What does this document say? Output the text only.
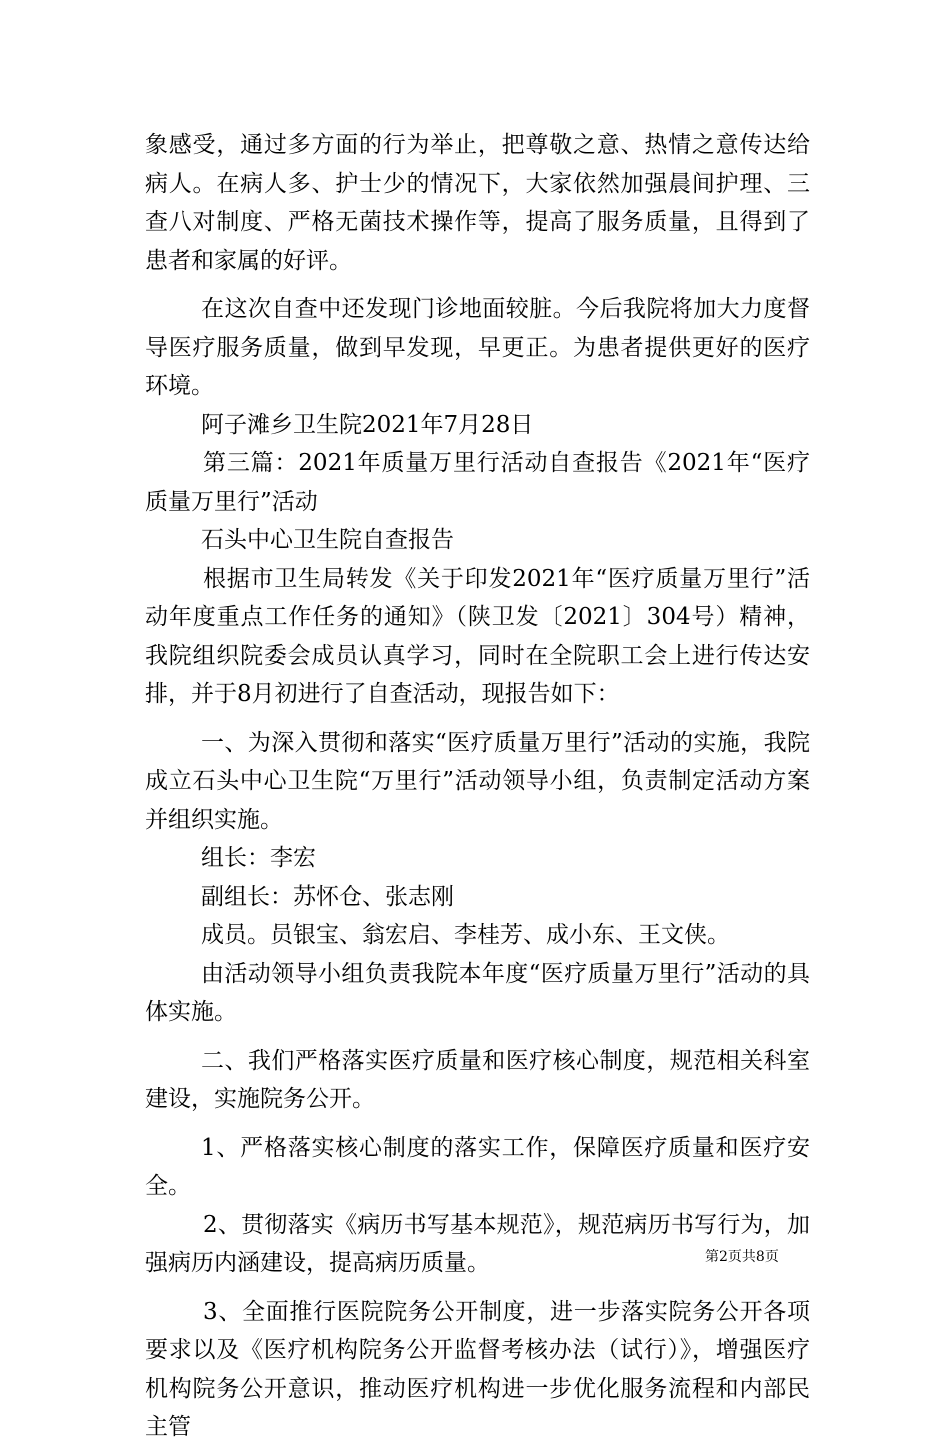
象感受，通过多方面的行为举止，把尊敬之意、热情之意传达给病人。在病人多、护士少的情况下，大家依然加强晨间护理、三查八对制度、严格无菌技术操作等，提高了服务质量，且得到了患者和家属的好评。

在这次自查中还发现门诊地面较脏。今后我院将加大力度督导医疗服务质量，做到早发现，早更正。为患者提供更好的医疗环境。

阿子滩乡卫生院2021年7月28日

第三篇：2021年质量万里行活动自查报告《2021年“医疗质量万里行”活动

石头中心卫生院自查报告

根据市卫生局转发《关于印发2021年“医疗质量万里行”活动年度重点工作任务的通知》（陕卫发〔2021〕304号）精神，我院组织院委会成员认真学习，同时在全院职工会上进行传达安排，并于8月初进行了自查活动，现报告如下：

一、为深入贯彻和落实“医疗质量万里行”活动的实施，我院成立石头中心卫生院“万里行”活动领导小组，负责制定活动方案并组织实施。

组长：李宏

副组长：苏怀仓、张志刚

成员。员银宝、翁宏启、李桂芳、成小东、王文侠。

由活动领导小组负责我院本年度“医疗质量万里行”活动的具体实施。

二、我们严格落实医疗质量和医疗核心制度，规范相关科室建设，实施院务公开。

1、严格落实核心制度的落实工作，保障医疗质量和医疗安全。

2、贯彻落实《病历书写基本规范》，规范病历书写行为，加强病历内涵建设，提高病历质量。

3、全面推行医院院务公开制度，进一步落实院务公开各项要求以及《医疗机构院务公开监督考核办法（试行）》，增强医疗机构院务公开意识，推动医疗机构进一步优化服务流程和内部民主管

第2页共8页
